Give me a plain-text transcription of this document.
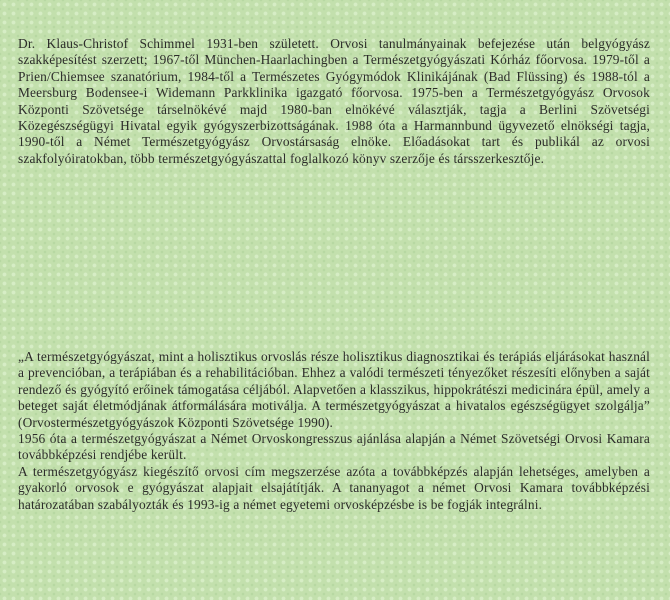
Dr. Klaus-Christof Schimmel 1931-ben született. Orvosi tanulmányainak befejezése után belgyógyász szakképesítést szerzett; 1967-től München-Haarlachingben a Természetgyógyászati Kórház főorvosa. 1979-től a Prien/Chiemsee szanatórium, 1984-től a Természetes Gyógymódok Klinikájának (Bad Flüssing) és 1988-tól a Meersburg Bodensee-i Widemann Parkklinika igazgató főorvosa. 1975-ben a Természetgyógyász Orvosok Központi Szövetsége társelnökévé majd 1980-ban elnökévé választják, tagja a Berlini Szövetségi Közegészségügyi Hivatal egyik gyógyszerbizottságának. 1988 óta a Harmannbund ügyvezető elnökségi tagja, 1990-től a Német Természetgyógyász Orvostársaság elnöke. Előadásokat tart és publikál az orvosi szakfolyóiratokban, több természetgyógyászattal foglalkozó könyv szerzője és társszerkesztője.

„A természetgyógyászat, mint a holisztikus orvoslás része holisztikus diagnosztikai és terápiás eljárásokat használ a prevencióban, a terápiában és a rehabilitációban. Ehhez a valódi természeti tényezőket részesíti előnyben a saját rendező és gyógyító erőinek támogatása céljából. Alapvetően a klasszikus, hippokrátészi medicinára épül, amely a beteget saját életmódjának átformálására motiválja. A természetgyógyászat a hivatalos egészségügyet szolgálja” (Orvostermészetgyógyászok Központi Szövetsége 1990).

1956 óta a természetgyógyászat a Német Orvoskongresszus ajánlása alapján a Német Szövetségi Orvosi Kamara továbbképzési rendjébe került.

A természetgyógyász kiegészítő orvosi cím megszerzése azóta a továbbképzés alapján lehetséges, amelyben a gyakorló orvosok e gyógyászat alapjait elsajátítják. A tananyagot a német Orvosi Kamara továbbképzési határozatában szabályozták és 1993-ig a német egyetemi orvosképzésbe is be fogják integrálni.
